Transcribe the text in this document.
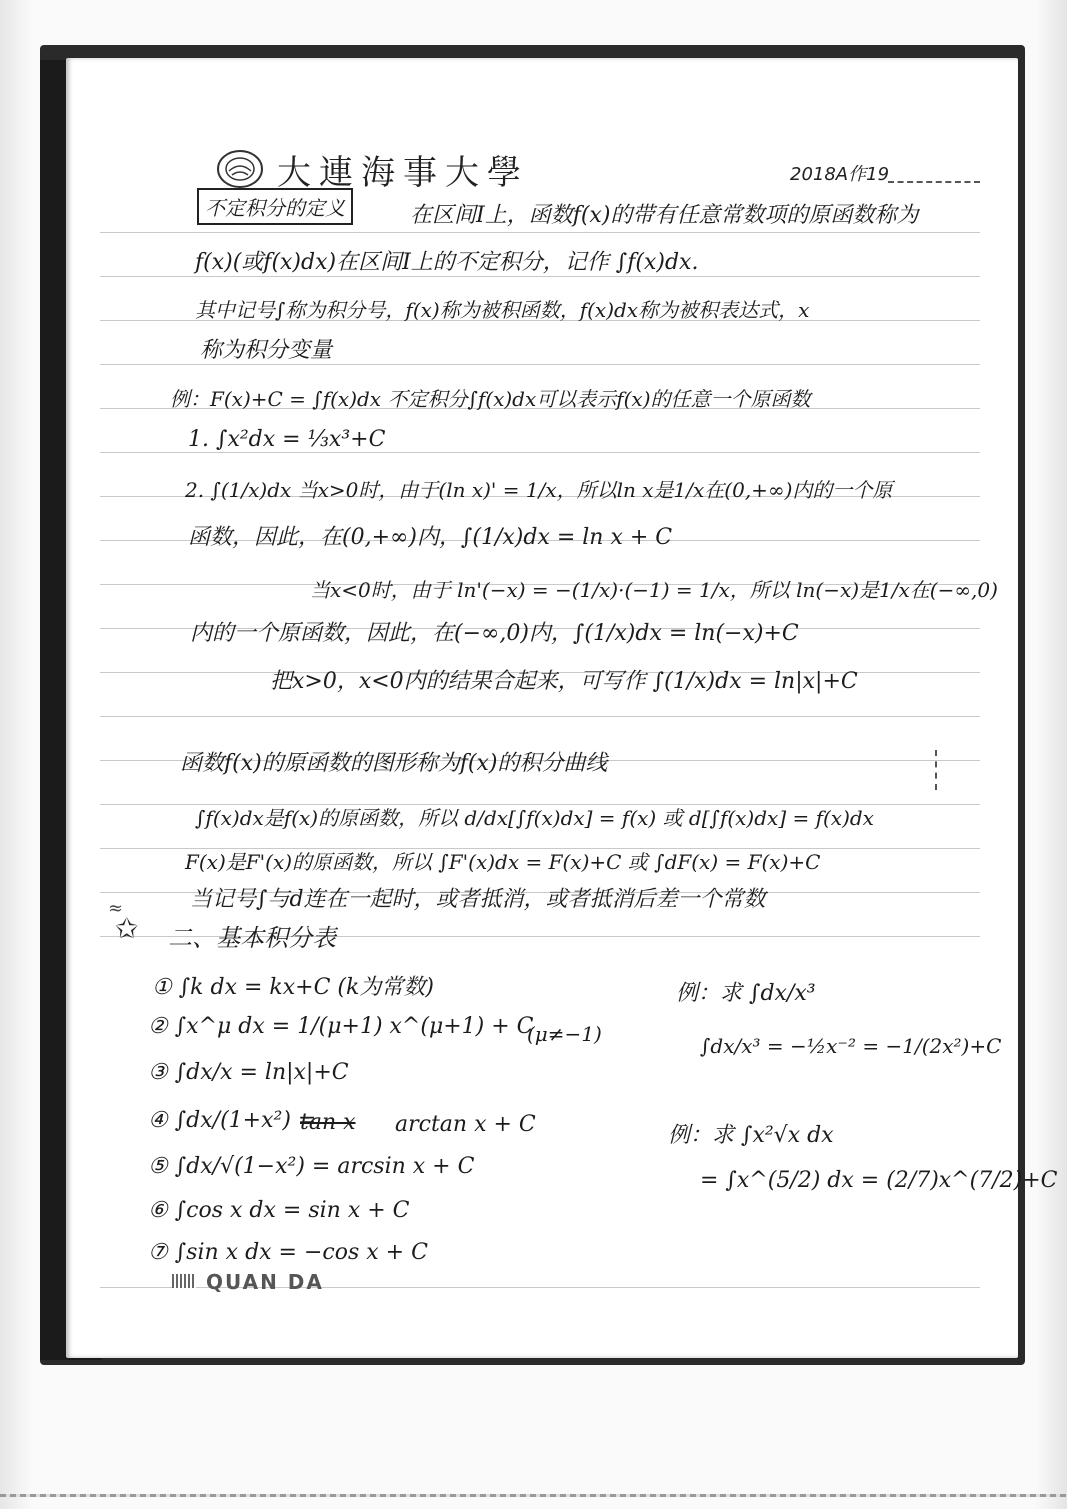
大連海事大學	2018A作19
不定积分的定义	在区间I上，函数f(x)的带有任意常数项的原函数称为
f(x)(或f(x)dx)在区间I上的不定积分，记作 ∫f(x)dx.
其中记号∫称为积分号，f(x)称为被积函数，f(x)dx称为被积表达式，x
称为积分变量
例：F(x)+C = ∫f(x)dx 不定积分∫f(x)dx可以表示f(x)的任意一个原函数
1. ∫x²dx = ⅓x³+C
2. ∫(1/x)dx 当x>0时，由于(ln x)' = 1/x，所以ln x是1/x在(0,+∞)内的一个原
函数，因此，在(0,+∞)内，∫(1/x)dx = ln x + C
当x<0时，由于 ln'(−x) = −(1/x)·(−1) = 1/x，所以 ln(−x)是1/x在(−∞,0)
内的一个原函数，因此，在(−∞,0)内，∫(1/x)dx = ln(−x)+C
把x>0，x<0内的结果合起来，可写作 ∫(1/x)dx = ln|x|+C
函数f(x)的原函数的图形称为f(x)的积分曲线
∫f(x)dx是f(x)的原函数，所以 d/dx[∫f(x)dx] = f(x) 或 d[∫f(x)dx] = f(x)dx
F(x)是F'(x)的原函数，所以 ∫F'(x)dx = F(x)+C 或 ∫dF(x) = F(x)+C
当记号∫与d连在一起时，或者抵消，或者抵消后差一个常数
≈
✩ 二、基本积分表
① ∫k dx = kx+C (k为常数)
② ∫x^μ dx = 1/(μ+1) x^(μ+1) + C
(μ≠−1)
③ ∫dx/x = ln|x|+C
④ ∫dx/(1+x²) =
tan x arctan x + C
⑤ ∫dx/√(1−x²) = arcsin x + C
⑥ ∫cos x dx = sin x + C
⑦ ∫sin x dx = −cos x + C
例：求 ∫dx/x³
∫dx/x³ = −½x⁻² = −1/(2x²)+C
例：求 ∫x²√x dx
= ∫x^(5/2) dx = (2/7)x^(7/2)+C
QUAN DA
